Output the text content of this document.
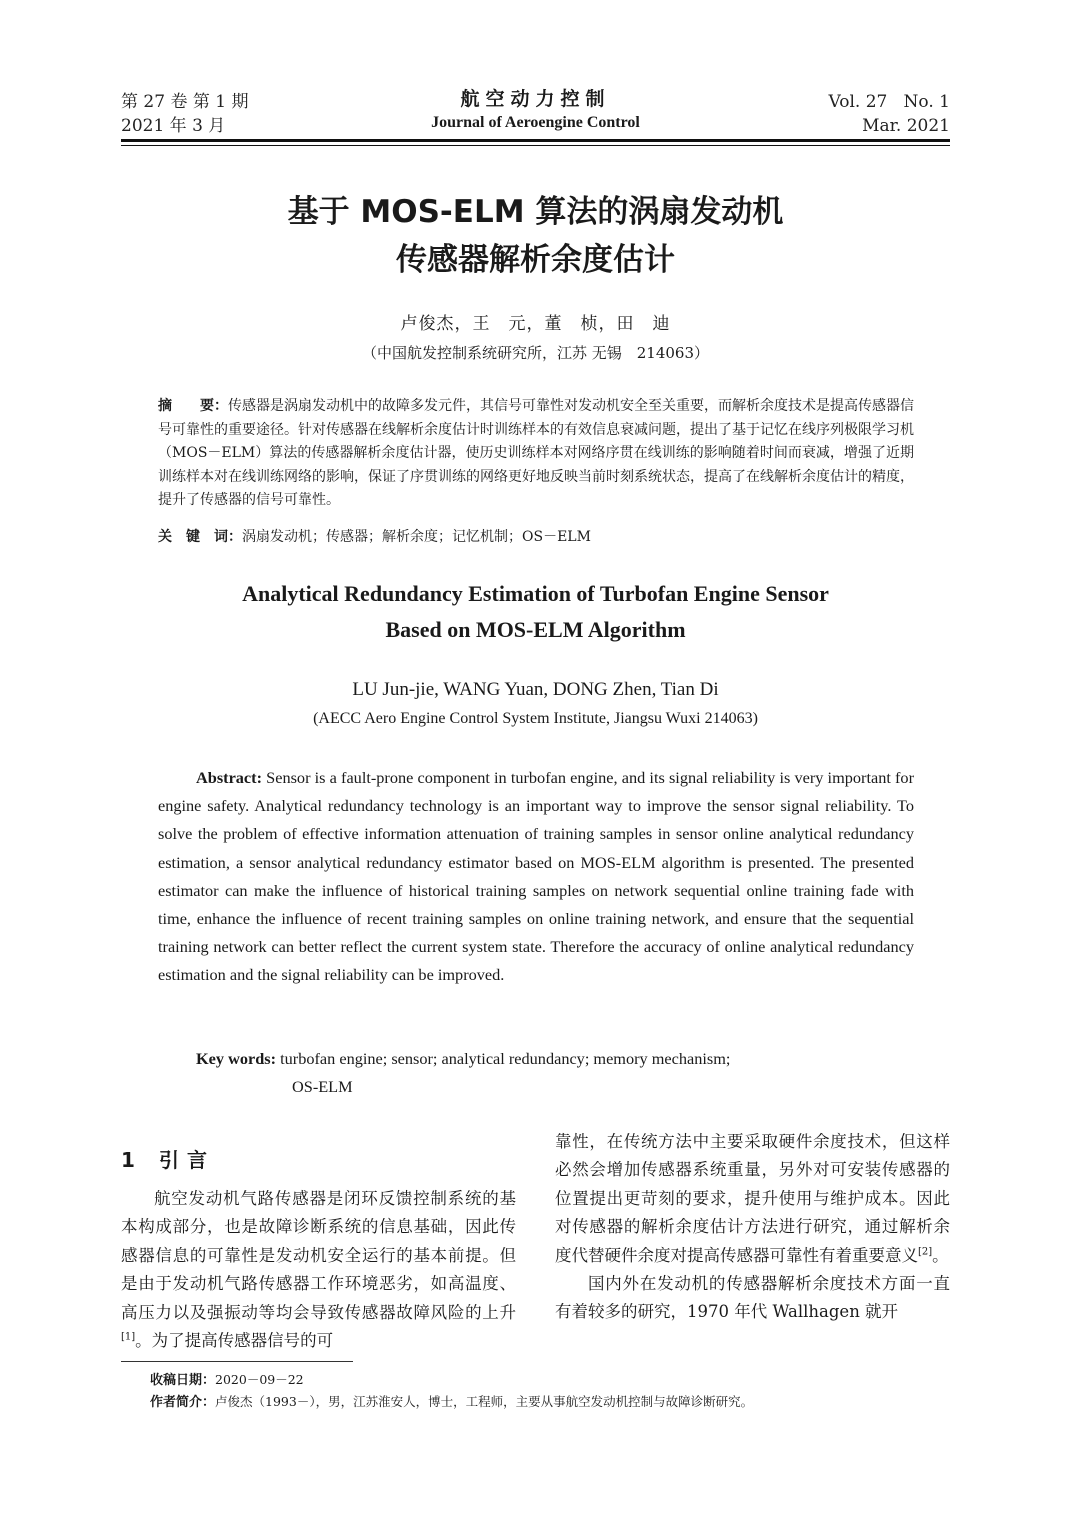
第 27 卷 第 1 期
2021 年 3 月
航空动力控制
Journal of Aeroengine Control
Vol. 27   No. 1
Mar. 2021
基于 MOS-ELM 算法的涡扇发动机
传感器解析余度估计
卢俊杰，王　元，董　桢，田　迪
（中国航发控制系统研究所，江苏 无锡　214063）
摘　　要：传感器是涡扇发动机中的故障多发元件，其信号可靠性对发动机安全至关重要，而解析余度技术是提高传感器信号可靠性的重要途径。针对传感器在线解析余度估计时训练样本的有效信息衰减问题，提出了基于记忆在线序列极限学习机（MOS－ELM）算法的传感器解析余度估计器，使历史训练样本对网络序贯在线训练的影响随着时间而衰减，增强了近期训练样本对在线训练网络的影响，保证了序贯训练的网络更好地反映当前时刻系统状态，提高了在线解析余度估计的精度，提升了传感器的信号可靠性。
关　键　词：涡扇发动机；传感器；解析余度；记忆机制；OS－ELM
Analytical Redundancy Estimation of Turbofan Engine Sensor
Based on MOS-ELM Algorithm
LU Jun-jie, WANG Yuan, DONG Zhen, Tian Di
(AECC Aero Engine Control System Institute, Jiangsu Wuxi 214063)
Abstract: Sensor is a fault-prone component in turbofan engine, and its signal reliability is very important for engine safety. Analytical redundancy technology is an important way to improve the sensor signal reliability. To solve the problem of effective information attenuation of training samples in sensor online analytical redundancy estimation, a sensor analytical redundancy estimator based on MOS-ELM algorithm is presented. The presented estimator can make the influence of historical training samples on network sequential online training fade with time, enhance the influence of recent training samples on online training network, and ensure that the sequential training network can better reflect the current system state. Therefore the accuracy of online analytical redundancy estimation and the signal reliability can be improved.
Key words: turbofan engine; sensor; analytical redundancy; memory mechanism;
OS-ELM
1 引言

航空发动机气路传感器是闭环反馈控制系统的基本构成部分，也是故障诊断系统的信息基础，因此传感器信息的可靠性是发动机安全运行的基本前提。但是由于发动机气路传感器工作环境恶劣，如高温度、高压力以及强振动等均会导致传感器故障风险的上升[1]。为了提高传感器信号的可

靠性，在传统方法中主要采取硬件余度技术，但这样必然会增加传感器系统重量，另外对可安装传感器的位置提出更苛刻的要求，提升使用与维护成本。因此对传感器的解析余度估计方法进行研究，通过解析余度代替硬件余度对提高传感器可靠性有着重要意义[2]。

国内外在发动机的传感器解析余度技术方面一直有着较多的研究，1970 年代 Wallhagen 就开

收稿日期：2020－09－22
作者简介：卢俊杰（1993－），男，江苏淮安人，博士，工程师，主要从事航空发动机控制与故障诊断研究。
